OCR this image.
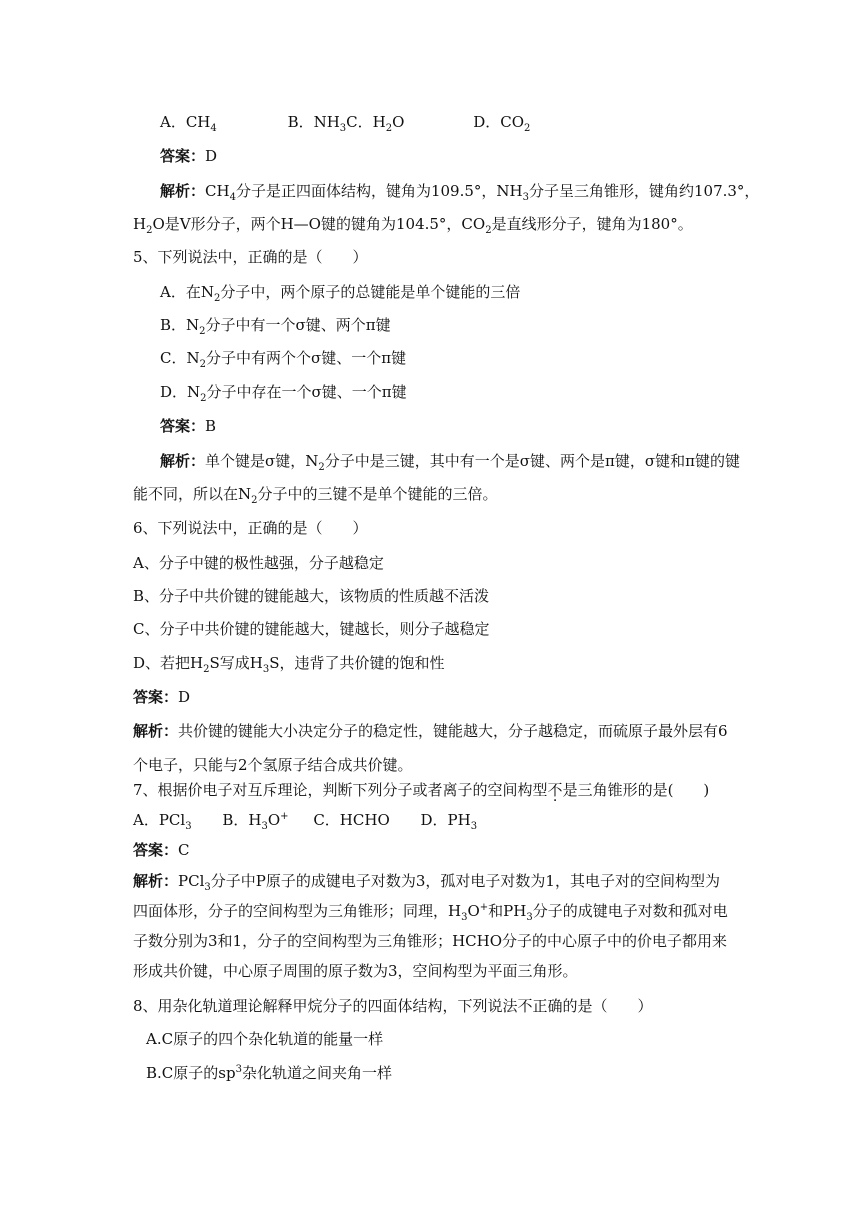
A．$CH_4$	B．$NH_3C$．$H_2O$	D．$CO_2$
答案：D
解析：$CH_4$分子是正四面体结构，键角为109.5°，$NH_3$分子呈三角锥形，键角约107.3°，
$H_2O$是V形分子，两个H—O键的键角为104.5°，$CO_2$是直线形分子，键角为180°。
5、下列说法中，正确的是（　　）
A．在$N_2$分子中，两个原子的总键能是单个键能的三倍
B．$N_2$分子中有一个σ键、两个π键
C．$N_2$分子中有两个个σ键、一个π键
D．$N_2$分子中存在一个σ键、一个π键
答案：B
解析：单个键是σ键，$N_2$分子中是三键，其中有一个是σ键、两个是π键，σ键和π键的键
能不同，所以在$N_2$分子中的三键不是单个键能的三倍。
6、下列说法中，正确的是（　　）
A、分子中键的极性越强，分子越稳定
B、分子中共价键的键能越大，该物质的性质越不活泼
C、分子中共价键的键能越大，键越长，则分子越稳定
D、若把$H_2S$写成$H_3S$，违背了共价键的饱和性
答案：D
解析：共价键的键能大小决定分子的稳定性，键能越大，分子越稳定，而硫原子最外层有6
个电子，只能与2个氢原子结合成共价键。
7、根据价电子对互斥理论，判断下列分子或者离子的空间构型不是三角锥形的是(　　)
A．PCl$_3$ B．$H_3O^+$ C．HCHO D．$PH_3$
答案：C
解析：PCl$_3$分子中P原子的成键电子对数为3，孤对电子对数为1，其电子对的空间构型为
四面体形，分子的空间构型为三角锥形；同理，$H_3O^+$和$PH_3$分子的成键电子对数和孤对电
子数分别为3和1，分子的空间构型为三角锥形；HCHO分子的中心原子中的价电子都用来
形成共价键，中心原子周围的原子数为3，空间构型为平面三角形。
8、用杂化轨道理论解释甲烷分子的四面体结构，下列说法不正确的是（　　）
A.C原子的四个杂化轨道的能量一样
B.C原子的$sp^3$杂化轨道之间夹角一样
